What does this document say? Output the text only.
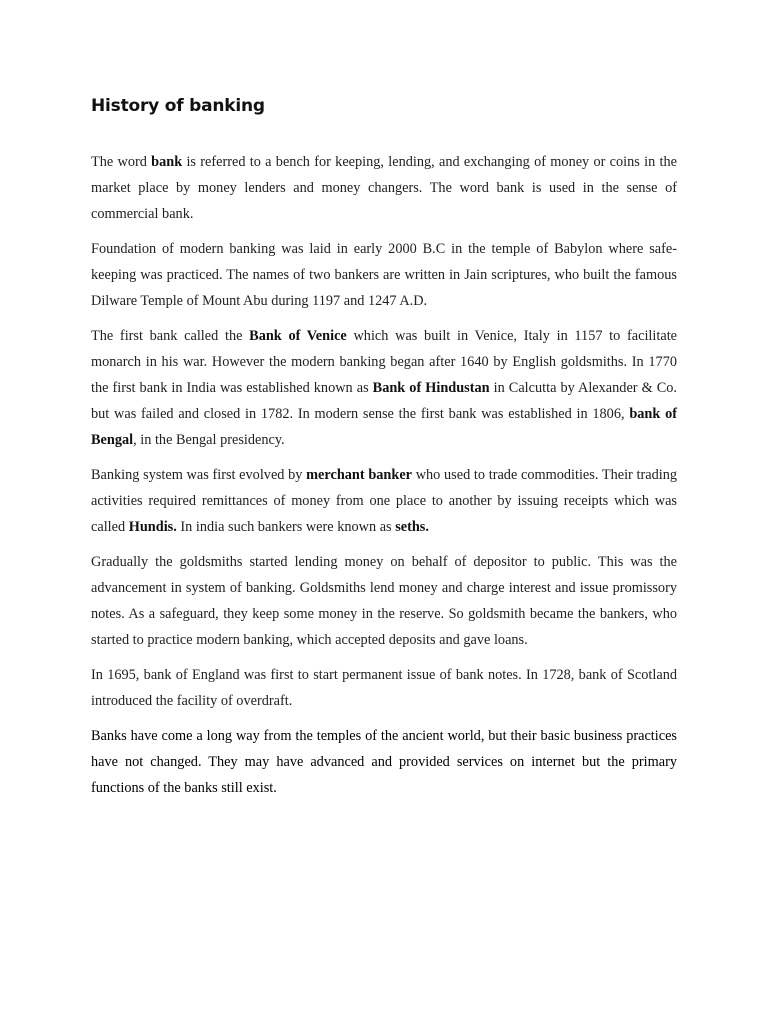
History of banking

The word bank is referred to a bench for keeping, lending, and exchanging of money or coins in the market place by money lenders and money changers. The word bank is used in the sense of commercial bank.

Foundation of modern banking was laid in early 2000 B.C in the temple of Babylon where safe-keeping was practiced. The names of two bankers are written in Jain scriptures, who built the famous Dilware Temple of Mount Abu during 1197 and 1247 A.D.

The first bank called the Bank of Venice which was built in Venice, Italy in 1157 to facilitate monarch in his war. However the modern banking began after 1640 by English goldsmiths. In 1770 the first bank in India was established known as Bank of Hindustan in Calcutta by Alexander & Co. but was failed and closed in 1782. In modern sense the first bank was established in 1806, bank of Bengal, in the Bengal presidency.

Banking system was first evolved by merchant banker who used to trade commodities. Their trading activities required remittances of money from one place to another by issuing receipts which was called Hundis. In india such bankers were known as seths.

Gradually the goldsmiths started lending money on behalf of depositor to public. This was the advancement in system of banking. Goldsmiths lend money and charge interest and issue promissory notes. As a safeguard, they keep some money in the reserve. So goldsmith became the bankers, who started to practice modern banking, which accepted deposits and gave loans.

In 1695, bank of England was first to start permanent issue of bank notes. In 1728, bank of Scotland introduced the facility of overdraft.

Banks have come a long way from the temples of the ancient world, but their basic business practices have not changed. They may have advanced and provided services on internet but the primary functions of the banks still exist.
